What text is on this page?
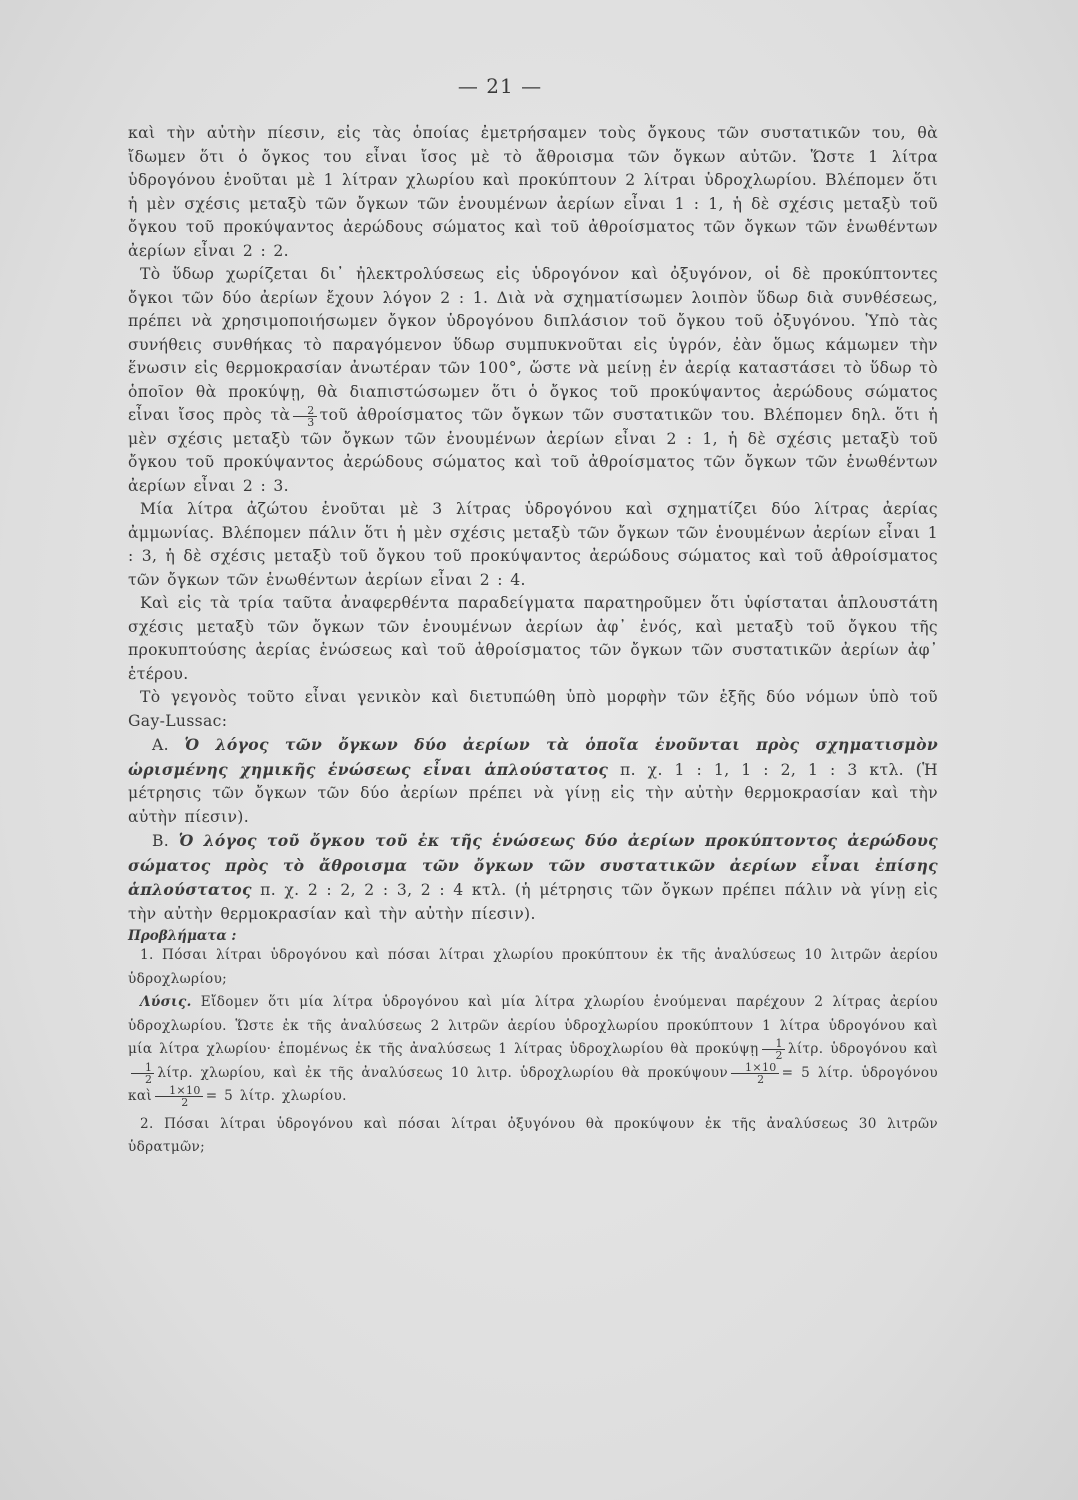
— 21 —

καὶ τὴν αὐτὴν πίεσιν, εἰς τὰς ὁποίας ἐμετρήσαμεν τοὺς ὄγκους τῶν συστατικῶν του, θὰ ἴδωμεν ὅτι ὁ ὄγκος του εἶναι ἴσος μὲ τὸ ἄθροισμα τῶν ὄγκων αὐτῶν. Ὥστε 1 λίτρα ὑδρογόνου ἑνοῦται μὲ 1 λίτραν χλωρίου καὶ προκύπτουν 2 λίτραι ὑδροχλωρίου. Βλέπομεν ὅτι ἡ μὲν σχέσις μεταξὺ τῶν ὄγκων τῶν ἑνουμένων ἀερίων εἶναι 1 : 1, ἡ δὲ σχέσις μεταξὺ τοῦ ὄγκου τοῦ προκύψαντος ἀερώδους σώματος καὶ τοῦ ἀθροίσματος τῶν ὄγκων τῶν ἑνωθέντων ἀερίων εἶναι 2 : 2.

Τὸ ὕδωρ χωρίζεται δι᾽ ἠλεκτρολύσεως εἰς ὑδρογόνον καὶ ὀξυγόνον, οἱ δὲ προκύπτοντες ὄγκοι τῶν δύο ἀερίων ἔχουν λόγον 2 : 1. Διὰ νὰ σχηματίσωμεν λοιπὸν ὕδωρ διὰ συνθέσεως, πρέπει νὰ χρησιμοποιήσωμεν ὄγκον ὑδρογόνου διπλάσιον τοῦ ὄγκου τοῦ ὀξυγόνου. Ὑπὸ τὰς συνήθεις συνθήκας τὸ παραγόμενον ὕδωρ συμπυκνοῦται εἰς ὑγρόν, ἐὰν ὅμως κάμωμεν τὴν ἕνωσιν εἰς θερμοκρασίαν ἀνωτέραν τῶν 100°, ὥστε νὰ μείνῃ ἐν ἀερίᾳ καταστάσει τὸ ὕδωρ τὸ ὁποῖον θὰ προκύψῃ, θὰ διαπιστώσωμεν ὅτι ὁ ὄγκος τοῦ προκύψαντος ἀερώδους σώματος εἶναι ἴσος πρὸς τὰ $\frac{2}{3}$ τοῦ ἀθροίσματος τῶν ὄγκων τῶν συστατικῶν του. Βλέπομεν δηλ. ὅτι ἡ μὲν σχέσις μεταξὺ τῶν ὄγκων τῶν ἑνουμένων ἀερίων εἶναι 2 : 1, ἡ δὲ σχέσις μεταξὺ τοῦ ὄγκου τοῦ προκύψαντος ἀερώδους σώματος καὶ τοῦ ἀθροίσματος τῶν ὄγκων τῶν ἑνωθέντων ἀερίων εἶναι 2 : 3.

Μία λίτρα ἀζώτου ἑνοῦται μὲ 3 λίτρας ὑδρογόνου καὶ σχηματίζει δύο λίτρας ἀερίας ἀμμωνίας. Βλέπομεν πάλιν ὅτι ἡ μὲν σχέσις μεταξὺ τῶν ὄγκων τῶν ἑνουμένων ἀερίων εἶναι 1 : 3, ἡ δὲ σχέσις μεταξὺ τοῦ ὄγκου τοῦ προκύψαντος ἀερώδους σώματος καὶ τοῦ ἀθροίσματος τῶν ὄγκων τῶν ἑνωθέντων ἀερίων εἶναι 2 : 4.

Καὶ εἰς τὰ τρία ταῦτα ἀναφερθέντα παραδείγματα παρατηροῦμεν ὅτι ὑφίσταται ἁπλουστάτη σχέσις μεταξὺ τῶν ὄγκων τῶν ἑνουμένων ἀερίων ἀφ᾽ ἑνός, καὶ μεταξὺ τοῦ ὄγκου τῆς προκυπτούσης ἀερίας ἑνώσεως καὶ τοῦ ἀθροίσματος τῶν ὄγκων τῶν συστατικῶν ἀερίων ἀφ᾽ ἑτέρου.

Τὸ γεγονὸς τοῦτο εἶναι γενικὸν καὶ διετυπώθη ὑπὸ μορφὴν τῶν ἑξῆς δύο νόμων ὑπὸ τοῦ Gay-Lussac:

Α. Ὁ λόγος τῶν ὄγκων δύο ἀερίων τὰ ὁποῖα ἑνοῦνται πρὸς σχηματισμὸν ὡρισμένης χημικῆς ἑνώσεως εἶναι ἁπλούστατος π. χ. 1 : 1, 1 : 2, 1 : 3 κτλ. (Ἡ μέτρησις τῶν ὄγκων τῶν δύο ἀερίων πρέπει νὰ γίνῃ εἰς τὴν αὐτὴν θερμοκρασίαν καὶ τὴν αὐτὴν πίεσιν).

Β. Ὁ λόγος τοῦ ὄγκου τοῦ ἐκ τῆς ἑνώσεως δύο ἀερίων προκύπτοντος ἀερώδους σώματος πρὸς τὸ ἄθροισμα τῶν ὄγκων τῶν συστατικῶν ἀερίων εἶναι ἐπίσης ἁπλούστατος π. χ. 2 : 2, 2 : 3, 2 : 4 κτλ. (ἡ μέτρησις τῶν ὄγκων πρέπει πάλιν νὰ γίνῃ εἰς τὴν αὐτὴν θερμοκρασίαν καὶ τὴν αὐτὴν πίεσιν).

Προβλήματα :

1. Πόσαι λίτραι ὑδρογόνου καὶ πόσαι λίτραι χλωρίου προκύπτουν ἐκ τῆς ἀναλύσεως 10 λιτρῶν ἀερίου ὑδροχλωρίου;

Λύσις. Εἴδομεν ὅτι μία λίτρα ὑδρογόνου καὶ μία λίτρα χλωρίου ἑνούμεναι παρέχουν 2 λίτρας ἀερίου ὑδροχλωρίου. Ὥστε ἐκ τῆς ἀναλύσεως 2 λιτρῶν ἀερίου ὑδροχλωρίου προκύπτουν 1 λίτρα ὑδρογόνου καὶ μία λίτρα χλωρίου· ἑπομένως ἐκ τῆς ἀναλύσεως 1 λίτρας ὑδροχλωρίου θὰ προκύψῃ $\frac{1}{2} \lambda ί\tau\rho$. ὑδρογόνου καὶ
$\frac{1}{2} \lambda ί\tau\rho$. χλωρίου, καὶ ἐκ τῆς ἀναλύσεως 10 λιτρ. ὑδροχλωρίου θὰ προκύψουν $\frac{1\times 10}{2} = 5$ λίτρ. ὑδρογόνου καὶ $\frac{1\times 10}{2} = 5$ λίτρ. χλωρίου.

2. Πόσαι λίτραι ὑδρογόνου καὶ πόσαι λίτραι ὀξυγόνου θὰ προκύψουν ἐκ τῆς ἀναλύσεως 30 λιτρῶν ὑδρατμῶν;
